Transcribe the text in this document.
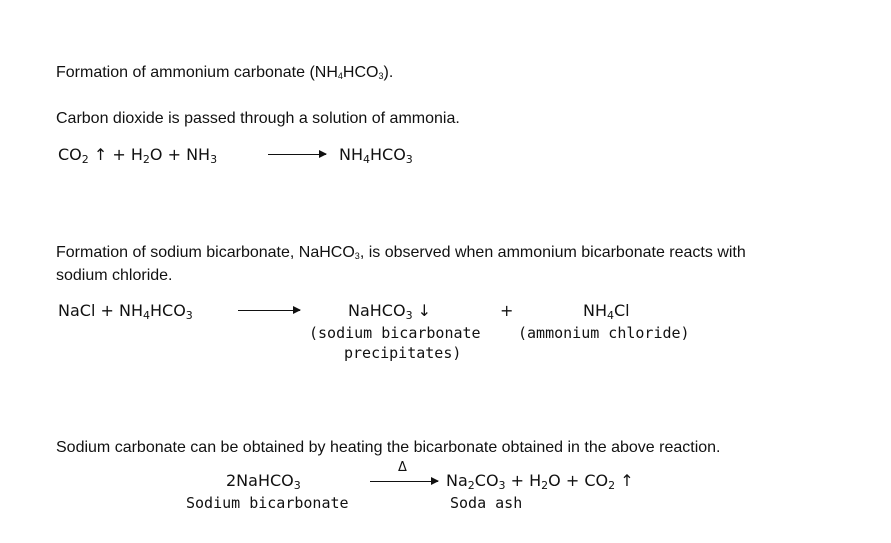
Formation of ammonium carbonate $(NH_4HCO_3)$.
Carbon dioxide is passed through a solution of ammonia.
$CO_2$ ↑ + $H_2O + NH_3$	→ $NH_4HCO_3$
Formation of sodium bicarbonate, NaHCO$_3$, is observed when ammonium bicarbonate reacts with
sodium chloride.
NaCl + $NH_4HCO_3$	NaHCO$_3$ ↓	+	$NH_4Cl$
(sodium bicarbonate
precipitates)
(ammonium chloride)
Sodium carbonate can be obtained by heating the bicarbonate obtained in the above reaction.
2NaHCO$_3$
Sodium bicarbonate
Δ
$Na_2CO_3 + H_2O + CO_2$ ↑
Soda ash
